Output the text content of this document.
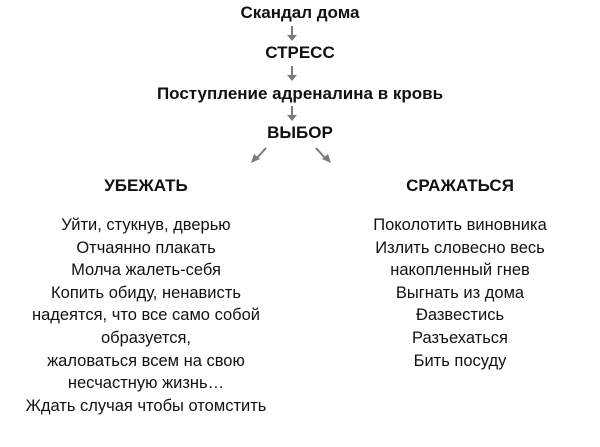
Скандал дома
СТРЕСС
Поступление адреналина в кровь
ВЫБОР
УБЕЖАТЬ	СРАЖАТЬСЯ
Уйти, стукнув, дверью
Отчаянно плакать
Молча жалеть-себя
Копить обиду, ненависть
надеятся, что все само собой
образуется,
жаловаться всем на свою
несчастную жизнь…
Ждать случая чтобы отомстить
Поколотить виновника
Излить словесно весь
накопленный гнев
Выгнать из дома
Ðазвестись
Разъехаться
Бить посуду
